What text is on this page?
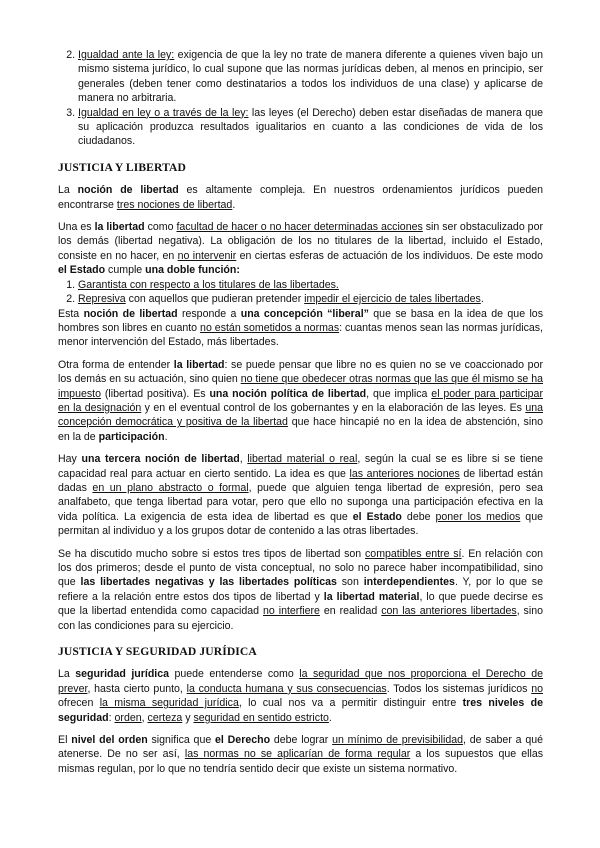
2. Igualdad ante la ley: exigencia de que la ley no trate de manera diferente a quienes viven bajo un mismo sistema jurídico, lo cual supone que las normas jurídicas deben, al menos en principio, ser generales (deben tener como destinatarios a todos los individuos de una clase) y aplicarse de manera no arbitraria.
3. Igualdad en ley o a través de la ley: las leyes (el Derecho) deben estar diseñadas de manera que su aplicación produzca resultados igualitarios en cuanto a las condiciones de vida de los ciudadanos.
JUSTICIA Y LIBERTAD

La noción de libertad es altamente compleja. En nuestros ordenamientos jurídicos pueden encontrarse tres nociones de libertad.

Una es la libertad como facultad de hacer o no hacer determinadas acciones sin ser obstaculizado por los demás (libertad negativa). La obligación de los no titulares de la libertad, incluido el Estado, consiste en no hacer, en no intervenir en ciertas esferas de actuación de los individuos. De este modo el Estado cumple una doble función:

1. Garantista con respecto a los titulares de las libertades.
2. Represiva con aquellos que pudieran pretender impedir el ejercicio de tales libertades.

Esta noción de libertad responde a una concepción “liberal” que se basa en la idea de que los hombres son libres en cuanto no están sometidos a normas: cuantas menos sean las normas jurídicas, menor intervención del Estado, más libertades.

Otra forma de entender la libertad: se puede pensar que libre no es quien no se ve coaccionado por los demás en su actuación, sino quien no tiene que obedecer otras normas que las que él mismo se ha impuesto (libertad positiva). Es una noción política de libertad, que implica el poder para participar en la designación y en el eventual control de los gobernantes y en la elaboración de las leyes. Es una concepción democrática y positiva de la libertad que hace hincapié no en la idea de abstención, sino en la de participación.

Hay una tercera noción de libertad, libertad material o real, según la cual se es libre si se tiene capacidad real para actuar en cierto sentido. La idea es que las anteriores nociones de libertad están dadas en un plano abstracto o formal, puede que alguien tenga libertad de expresión, pero sea analfabeto, que tenga libertad para votar, pero que ello no suponga una participación efectiva en la vida política. La exigencia de esta idea de libertad es que el Estado debe poner los medios que permitan al individuo y a los grupos dotar de contenido a las otras libertades.

Se ha discutido mucho sobre si estos tres tipos de libertad son compatibles entre sí. En relación con los dos primeros; desde el punto de vista conceptual, no solo no parece haber incompatibilidad, sino que las libertades negativas y las libertades políticas son interdependientes. Y, por lo que se refiere a la relación entre estos dos tipos de libertad y la libertad material, lo que puede decirse es que la libertad entendida como capacidad no interfiere en realidad con las anteriores libertades, sino con las condiciones para su ejercicio.

JUSTICIA Y SEGURIDAD JURÍDICA

La seguridad jurídica puede entenderse como la seguridad que nos proporciona el Derecho de prever, hasta cierto punto, la conducta humana y sus consecuencias. Todos los sistemas jurídicos no ofrecen la misma seguridad jurídica, lo cual nos va a permitir distinguir entre tres niveles de seguridad: orden, certeza y seguridad en sentido estricto.

El nivel del orden significa que el Derecho debe lograr un mínimo de previsibilidad, de saber a qué atenerse. De no ser así, las normas no se aplicarían de forma regular a los supuestos que ellas mismas regulan, por lo que no tendría sentido decir que existe un sistema normativo.
